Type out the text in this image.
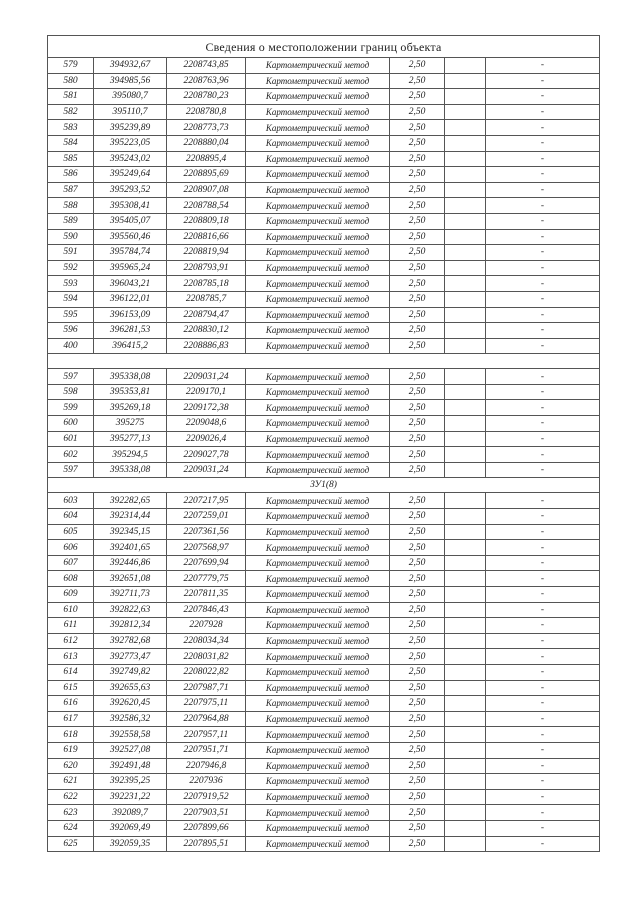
Сведения о местоположении границ объекта						
579	394932,67	2208743,85	Картометрический метод	2,50		-
580	394985,56	2208763,96	Картометрический метод	2,50		-
581	395080,7	2208780,23	Картометрический метод	2,50		-
582	395110,7	2208780,8	Картометрический метод	2,50		-
583	395239,89	2208773,73	Картометрический метод	2,50		-
584	395223,05	2208880,04	Картометрический метод	2,50		-
585	395243,02	2208895,4	Картометрический метод	2,50		-
586	395249,64	2208895,69	Картометрический метод	2,50		-
587	395293,52	2208907,08	Картометрический метод	2,50		-
588	395308,41	2208788,54	Картометрический метод	2,50		-
589	395405,07	2208809,18	Картометрический метод	2,50		-
590	395560,46	2208816,66	Картометрический метод	2,50		-
591	395784,74	2208819,94	Картометрический метод	2,50		-
592	395965,24	2208793,91	Картометрический метод	2,50		-
593	396043,21	2208785,18	Картометрический метод	2,50		-
594	396122,01	2208785,7	Картометрический метод	2,50		-
595	396153,09	2208794,47	Картометрический метод	2,50		-
596	396281,53	2208830,12	Картометрический метод	2,50		-
400	396415,2	2208886,83	Картометрический метод	2,50		-

597	395338,08	2209031,24	Картометрический метод	2,50		-
598	395353,81	2209170,1	Картометрический метод	2,50		-
599	395269,18	2209172,38	Картометрический метод	2,50		-
600	395275	2209048,6	Картометрический метод	2,50		-
601	395277,13	2209026,4	Картометрический метод	2,50		-
602	395294,5	2209027,78	Картометрический метод	2,50		-
597	395338,08	2209031,24	Картометрический метод	2,50		-
ЗУ1(8)						
603	392282,65	2207217,95	Картометрический метод	2,50		-
604	392314,44	2207259,01	Картометрический метод	2,50		-
605	392345,15	2207361,56	Картометрический метод	2,50		-
606	392401,65	2207568,97	Картометрический метод	2,50		-
607	392446,86	2207699,94	Картометрический метод	2,50		-
608	392651,08	2207779,75	Картометрический метод	2,50		-
609	392711,73	2207811,35	Картометрический метод	2,50		-
610	392822,63	2207846,43	Картометрический метод	2,50		-
611	392812,34	2207928	Картометрический метод	2,50		-
612	392782,68	2208034,34	Картометрический метод	2,50		-
613	392773,47	2208031,82	Картометрический метод	2,50		-
614	392749,82	2208022,82	Картометрический метод	2,50		-
615	392655,63	2207987,71	Картометрический метод	2,50		-
616	392620,45	2207975,11	Картометрический метод	2,50		-
617	392586,32	2207964,88	Картометрический метод	2,50		-
618	392558,58	2207957,11	Картометрический метод	2,50		-
619	392527,08	2207951,71	Картометрический метод	2,50		-
620	392491,48	2207946,8	Картометрический метод	2,50		-
621	392395,25	2207936	Картометрический метод	2,50		-
622	392231,22	2207919,52	Картометрический метод	2,50		-
623	392089,7	2207903,51	Картометрический метод	2,50		-
624	392069,49	2207899,66	Картометрический метод	2,50		-
625	392059,35	2207895,51	Картометрический метод	2,50		-
